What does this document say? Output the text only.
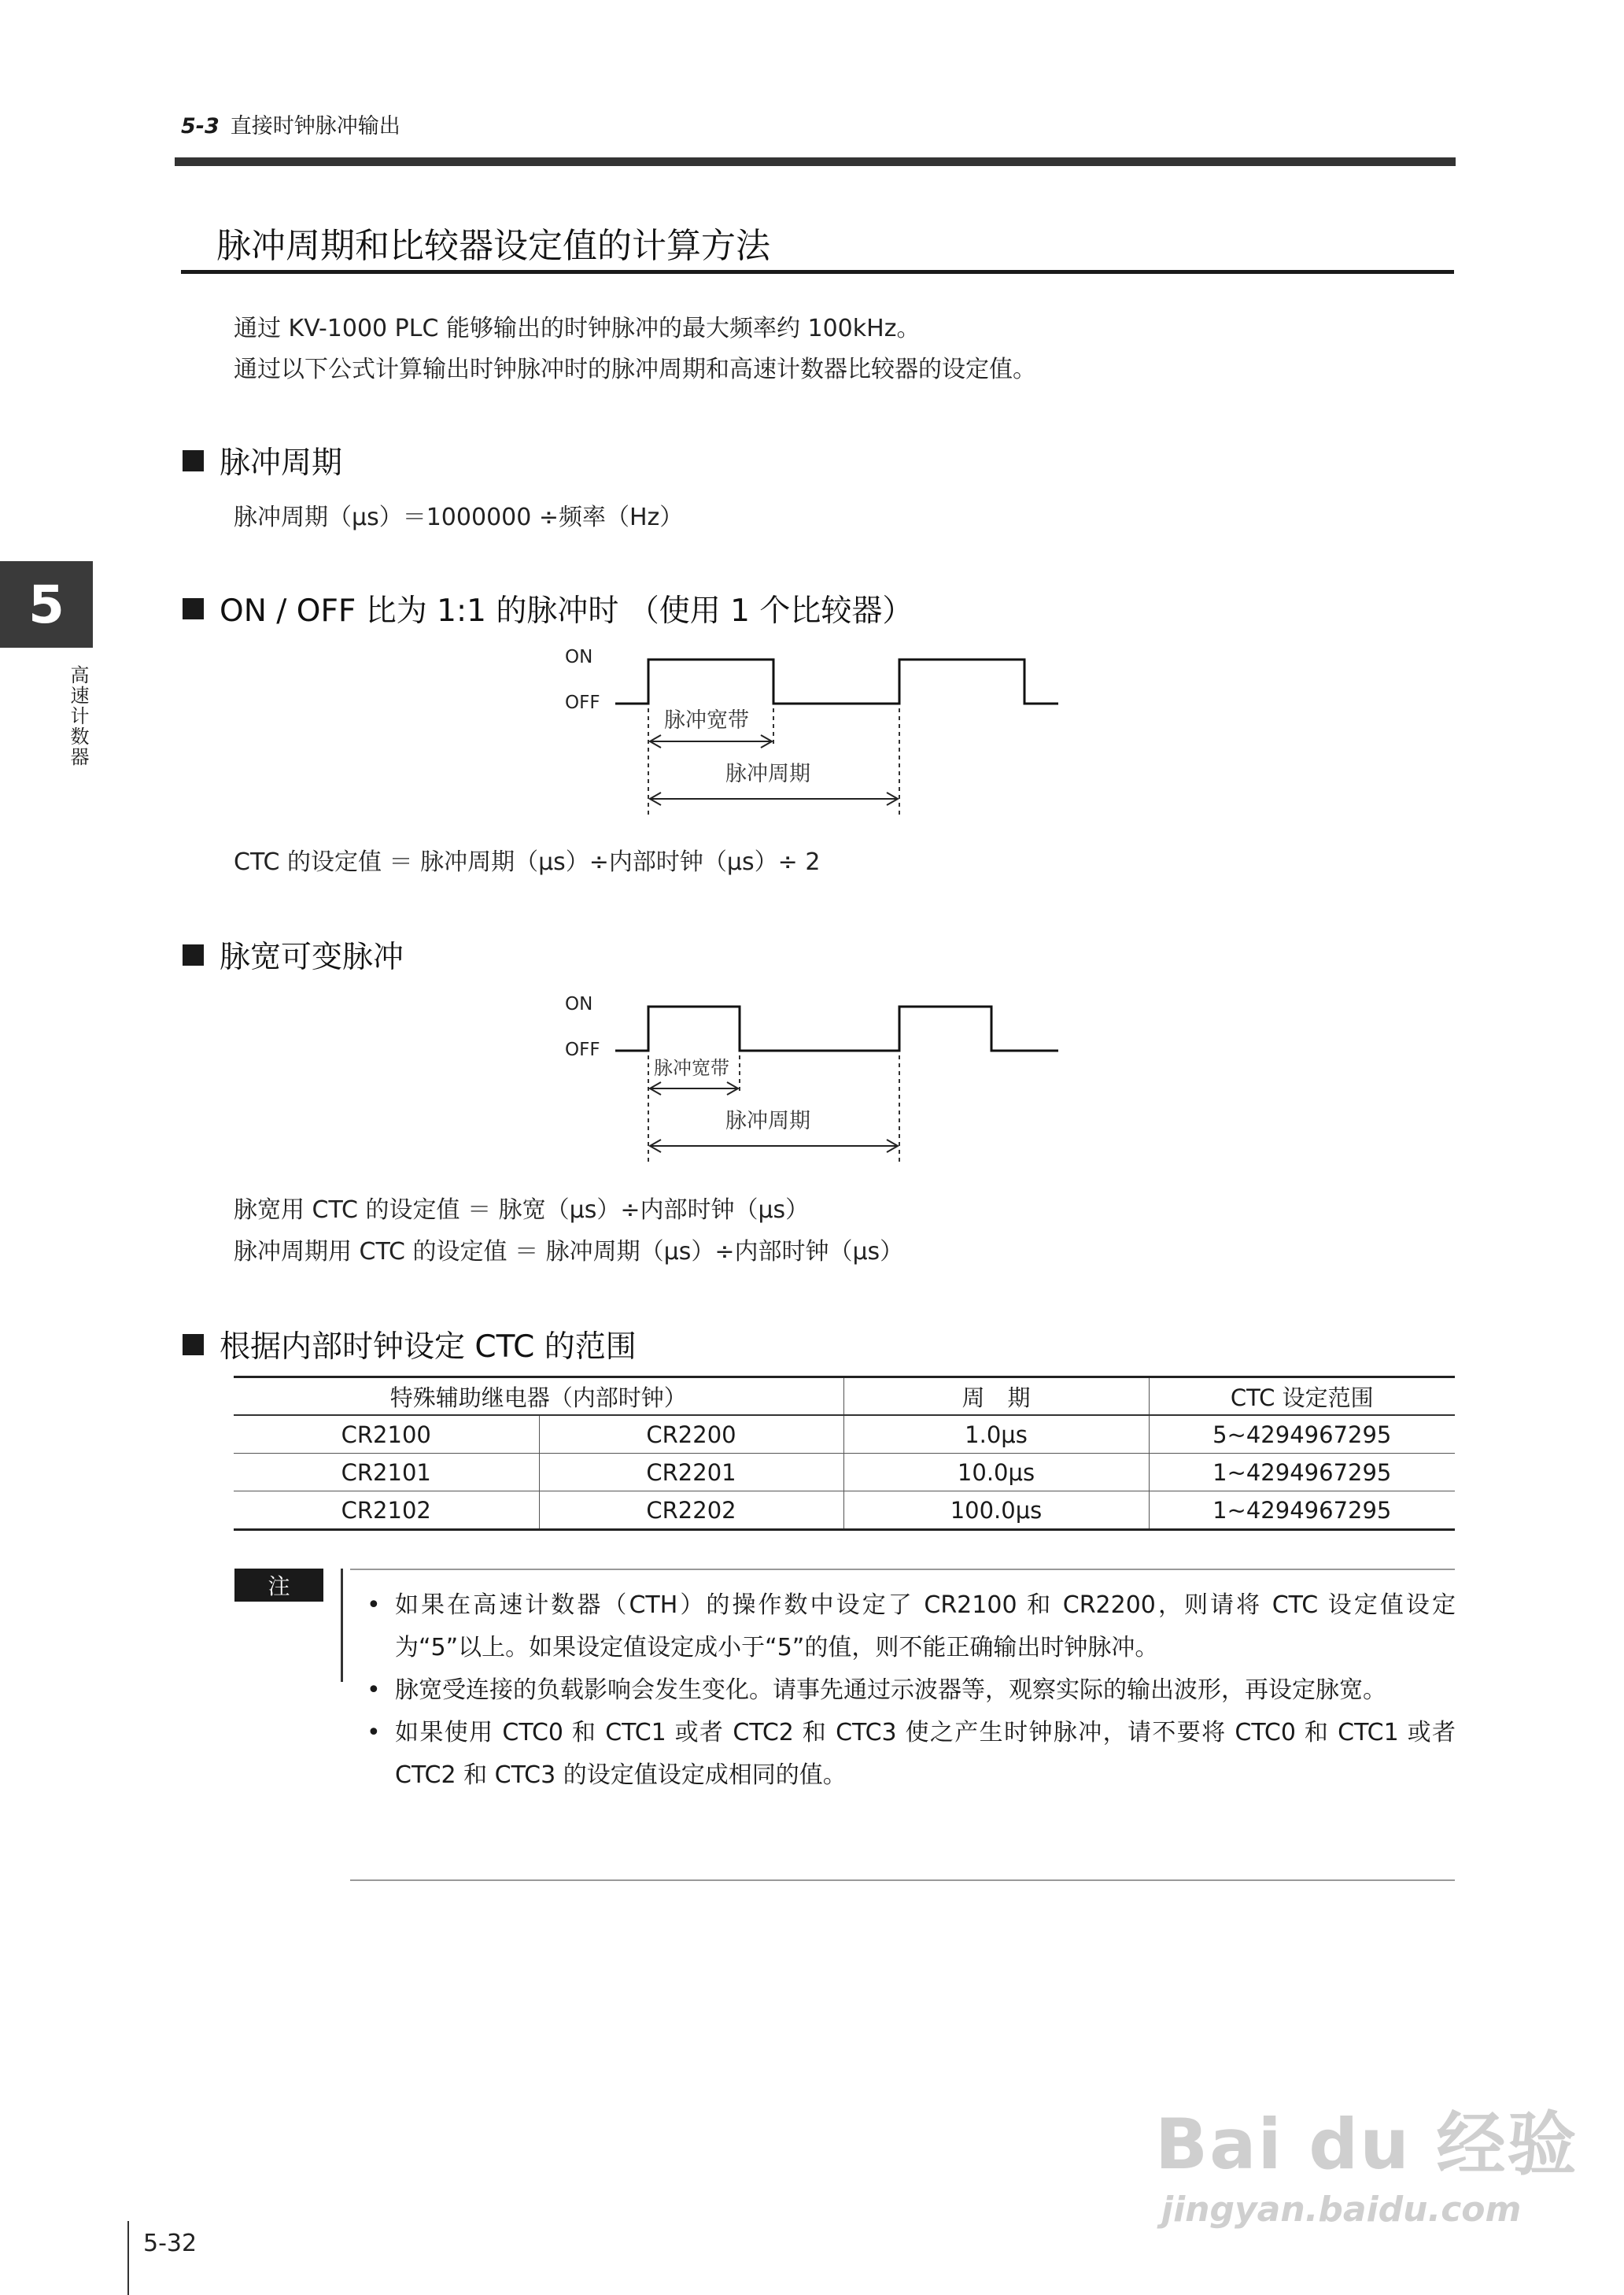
5-3 直接时钟脉冲输出
5
高速计数器
脉冲周期和比较器设定值的计算方法
通过 KV-1000 PLC 能够输出的时钟脉冲的最大频率约 100kHz。
通过以下公式计算输出时钟脉冲时的脉冲周期和高速计数器比较器的设定值。
脉冲周期
脉冲周期（μs）＝1000000 ÷频率（Hz）
ON / OFF 比为 1:1 的脉冲时 （使用 1 个比较器）
ON
OFF
脉冲宽带
脉冲周期
CTC 的设定值 ＝ 脉冲周期（μs）÷内部时钟（μs）÷ 2
脉宽可变脉冲
ON
OFF
脉冲宽带
脉冲周期
脉宽用 CTC 的设定值 ＝ 脉宽（μs）÷内部时钟（μs）
脉冲周期用 CTC 的设定值 ＝ 脉冲周期（μs）÷内部时钟（μs）
根据内部时钟设定 CTC 的范围
特殊辅助继电器（内部时钟）		周　期	CTC 设定范围
CR2100	CR2200	1.0μs	5~4294967295
CR2101	CR2201	10.0μs	1~4294967295
CR2102	CR2202	100.0μs	1~4294967295
注
• 如果在高速计数器（CTH）的操作数中设定了 CR2100 和 CR2200，则请将 CTC 设定值设定为“5”以上。如果设定值设定成小于“5”的值，则不能正确输出时钟脉冲。
• 脉宽受连接的负载影响会发生变化。请事先通过示波器等，观察实际的输出波形，再设定脉宽。
• 如果使用 CTC0 和 CTC1 或者 CTC2 和 CTC3 使之产生时钟脉冲，请不要将 CTC0 和 CTC1 或者 CTC2 和 CTC3 的设定值设定成相同的值。
5-32
Bai du 经验
jingyan.baidu.com
